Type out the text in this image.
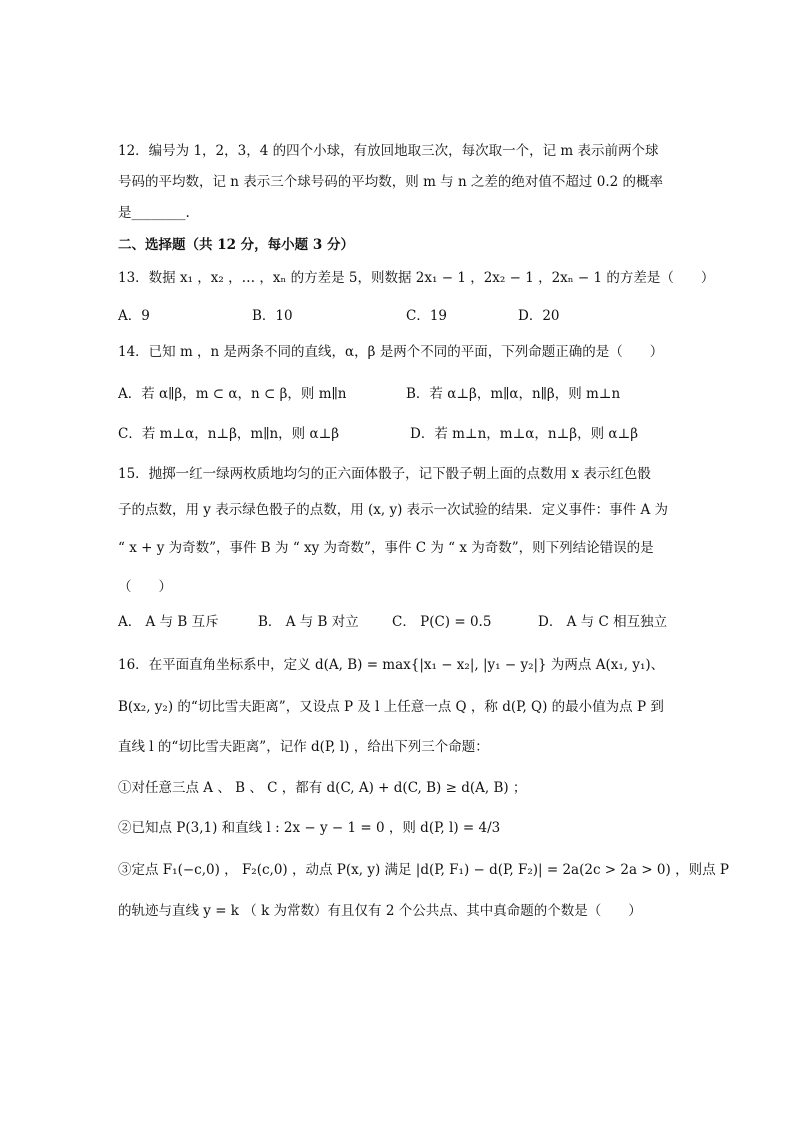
12．编号为 1，2，3，4 的四个小球，有放回地取三次，每次取一个，记 m 表示前两个球
号码的平均数，记 n 表示三个球号码的平均数，则 m 与 n 之差的绝对值不超过 0.2 的概率
是________.
二、选择题（共 12 分，每小题 3 分）
13．数据 x₁ ，x₂ ，… ，xₙ 的方差是 5，则数据 2x₁ − 1 ，2x₂ − 1 ，2xₙ − 1 的方差是（　　）
A．9	B．10	C．19	D．20
14．已知 m ，n 是两条不同的直线，α，β 是两个不同的平面，下列命题正确的是（　　）
A．若 α∥β，m ⊂ α，n ⊂ β，则 m∥n	B．若 α⊥β，m∥α，n∥β，则 m⊥n
C．若 m⊥α，n⊥β，m∥n，则 α⊥β	D．若 m⊥n，m⊥α，n⊥β，则 α⊥β
15．抛掷一红一绿两枚质地均匀的正六面体骰子，记下骰子朝上面的点数用 x 表示红色骰
子的点数，用 y 表示绿色骰子的点数，用 (x, y) 表示一次试验的结果．定义事件：事件 A 为
“ x + y 为奇数”，事件 B 为 “ xy 为奇数”，事件 C 为 “ x 为奇数”，则下列结论错误的是
（　　）
A． A 与 B 互斥	B． A 与 B 对立 C． P(C) = 0.5	D． A 与 C 相互独立
16．在平面直角坐标系中，定义 d(A, B) = max{|x₁ − x₂|, |y₁ − y₂|} 为两点 A(x₁, y₁)、
B(x₂, y₂) 的“切比雪夫距离”，又设点 P 及 l 上任意一点 Q ，称 d(P, Q) 的最小值为点 P 到
直线 l 的“切比雪夫距离”，记作 d(P, l) ，给出下列三个命题：
①对任意三点 A 、 B 、 C ，都有 d(C, A) + d(C, B) ≥ d(A, B) ；
②已知点 P(3,1) 和直线 l : 2x − y − 1 = 0 ，则 d(P, l) = 4/3
③定点 F₁(−c,0) ， F₂(c,0) ，动点 P(x, y) 满足 |d(P, F₁) − d(P, F₂)| = 2a(2c > 2a > 0) ，则点 P
的轨迹与直线 y = k （ k 为常数）有且仅有 2 个公共点、其中真命题的个数是（　　）
